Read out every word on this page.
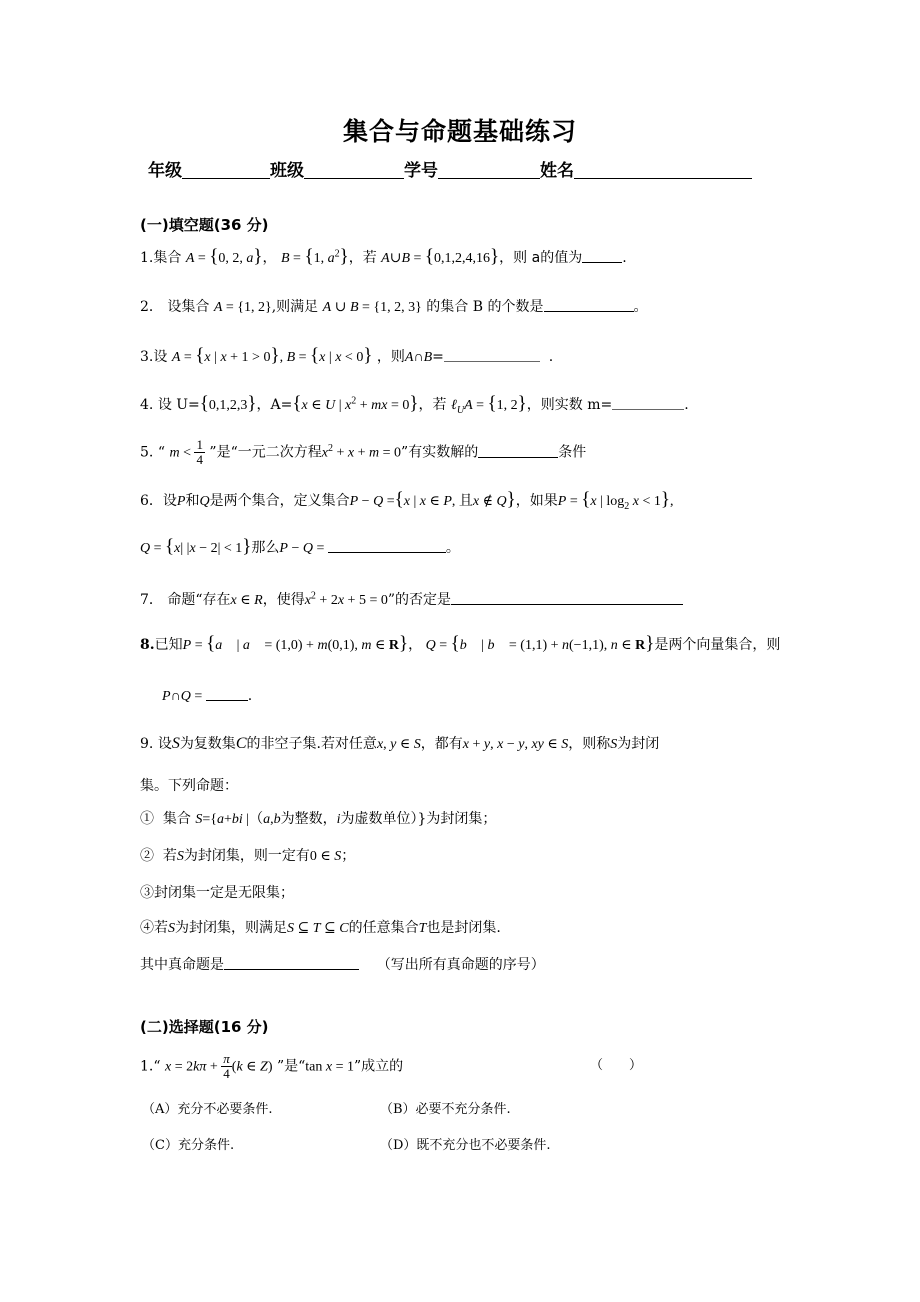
集合与命题基础练习
年级	班级	学号	姓名
(一)填空题(36 分)
1.集合 A = {0, 2, a}， B = {1, $a^2$}，若 A∪B = {0,1,2,4,16}，则 a的值为	.
2． 设集合 A = {1, 2},则满足 A ∪ B = {1, 2, 3} 的集合 B 的个数是	。
3.设 A = {x | x + 1 > 0}, B = {x | x < 0} ，则A∩B=	.
4. 设 U={0,1,2,3}，A={x ∈ U | $x^2$ + mx = 0}，若 ℓ$_U$A = {1, 2}，则实数 m=	.
5. “ $m < \frac{1}{4}$ ”是“一元二次方程$x^2 + x + m = 0$”有实数解的	条件
6．设P和Q是两个集合，定义集合P − Q ={x | x ∈ P, 且x ∉ Q}，如果P = {x | $\log_2 x < 1$},
Q = {x| |x − 2| < 1}那么P − Q =	。
7． 命题“存在x ∈ R，使得$x^2 + 2x + 5 = 0$”的否定是
8.已知P = {a⃗ | a⃗ = (1,0) + m(0,1), m ∈ R}， Q = {b⃗ | b⃗ = (1,1) + n(−1,1), n ∈ R}是两个向量集合，则
P∩Q =	.
9. 设S为复数集C的非空子集.若对任意x, y ∈ S，都有x + y, x − y, xy ∈ S，则称S为封闭
集。下列命题：
① 集合 S={a+bi |（a,b为整数，i为虚数单位）}为封闭集；
② 若S为封闭集，则一定有0 ∈ S；
③封闭集一定是无限集；
④若S为封闭集，则满足S ⊆ T ⊆ C的任意集合T也是封闭集.
其中真命题是	（写出所有真命题的序号）
(二)选择题(16 分)
1.“ $x = 2k\pi + \frac{\pi}{4} (k$ ∈ Z) ”是“tan x = 1”成立的	（　　）
（A）充分不必要条件.	（B）必要不充分条件.
（C）充分条件.	（D）既不充分也不必要条件.
